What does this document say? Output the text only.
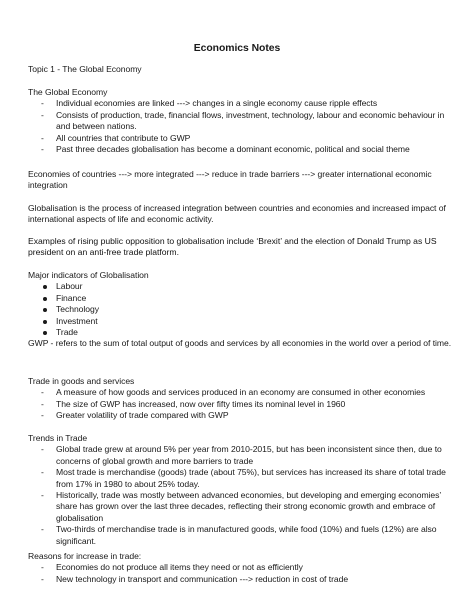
Economics Notes

Topic 1 - The Global Economy

The Global Economy

- Individual economies are linked ---> changes in a single economy cause ripple effects
- Consists of production, trade, financial flows, investment, technology, labour and economic behaviour in and between nations.
- All countries that contribute to GWP
- Past three decades globalisation has become a dominant economic, political and social theme

Economies of countries ---> more integrated ---> reduce in trade barriers ---> greater international economic integration

Globalisation is the process of increased integration between countries and economies and increased impact of international aspects of life and economic activity.

Examples of rising public opposition to globalisation include ‘Brexit’ and the election of Donald Trump as US president on an anti-free trade platform.

Major indicators of Globalisation

Labour
Finance
Technology
Investment
Trade

GWP - refers to the sum of total output of goods and services by all economies in the world over a period of time.

Trade in goods and services

- A measure of how goods and services produced in an economy are consumed in other economies
- The size of GWP has increased, now over fifty times its nominal level in 1960
- Greater volatility of trade compared with GWP

Trends in Trade

- Global trade grew at around 5% per year from 2010-2015, but has been inconsistent since then, due to concerns of global growth and more barriers to trade
- Most trade is merchandise (goods) trade (about 75%), but services has increased its share of total trade from 17% in 1980 to about 25% today.
- Historically, trade was mostly between advanced economies, but developing and emerging economies’ share has grown over the last three decades, reflecting their strong economic growth and embrace of globalisation
- Two-thirds of merchandise trade is in manufactured goods, while food (10%) and fuels (12%) are also significant.

Reasons for increase in trade:

- Economies do not produce all items they need or not as efficiently
- New technology in transport and communication ---> reduction in cost of trade
